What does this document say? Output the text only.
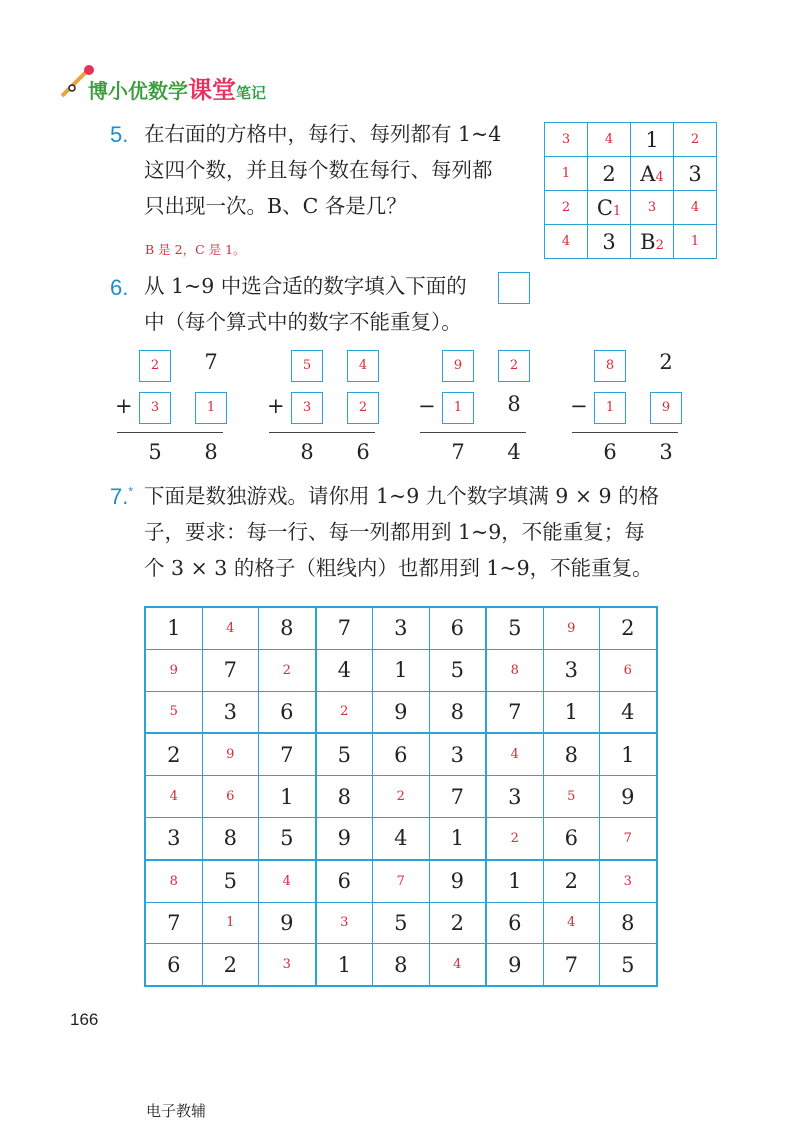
博小优数学课堂笔记
5. 在右面的方格中，每行、每列都有 1~4
这四个数，并且每个数在每行、每列都
只出现一次。B、C 各是几？
B 是 2，C 是 1。
3	4	1	2
1	2	A4	3
2	C1	3	4
4	3	B2	1
6. 从 1~9 中选合适的数字填入下面的
中（每个算式中的数字不能重复）。
2	7
3	1
+
5	8
5	4
3	2
+
8	6
9	2
1	8
−
7	4
8	2
1	9
−
6	3
7.* 下面是数独游戏。请你用 1~9 九个数字填满 9 × 9 的格
子，要求：每一行、每一列都用到 1~9，不能重复；每
个 3 × 3 的格子（粗线内）也都用到 1~9，不能重复。
1	4	8	7	3	6	5	9	2
9	7	2	4	1	5	8	3	6
5	3	6	2	9	8	7	1	4
2	9	7	5	6	3	4	8	1
4	6	1	8	2	7	3	5	9
3	8	5	9	4	1	2	6	7
8	5	4	6	7	9	1	2	3
7	1	9	3	5	2	6	4	8
6	2	3	1	8	4	9	7	5
166
电子教辅
